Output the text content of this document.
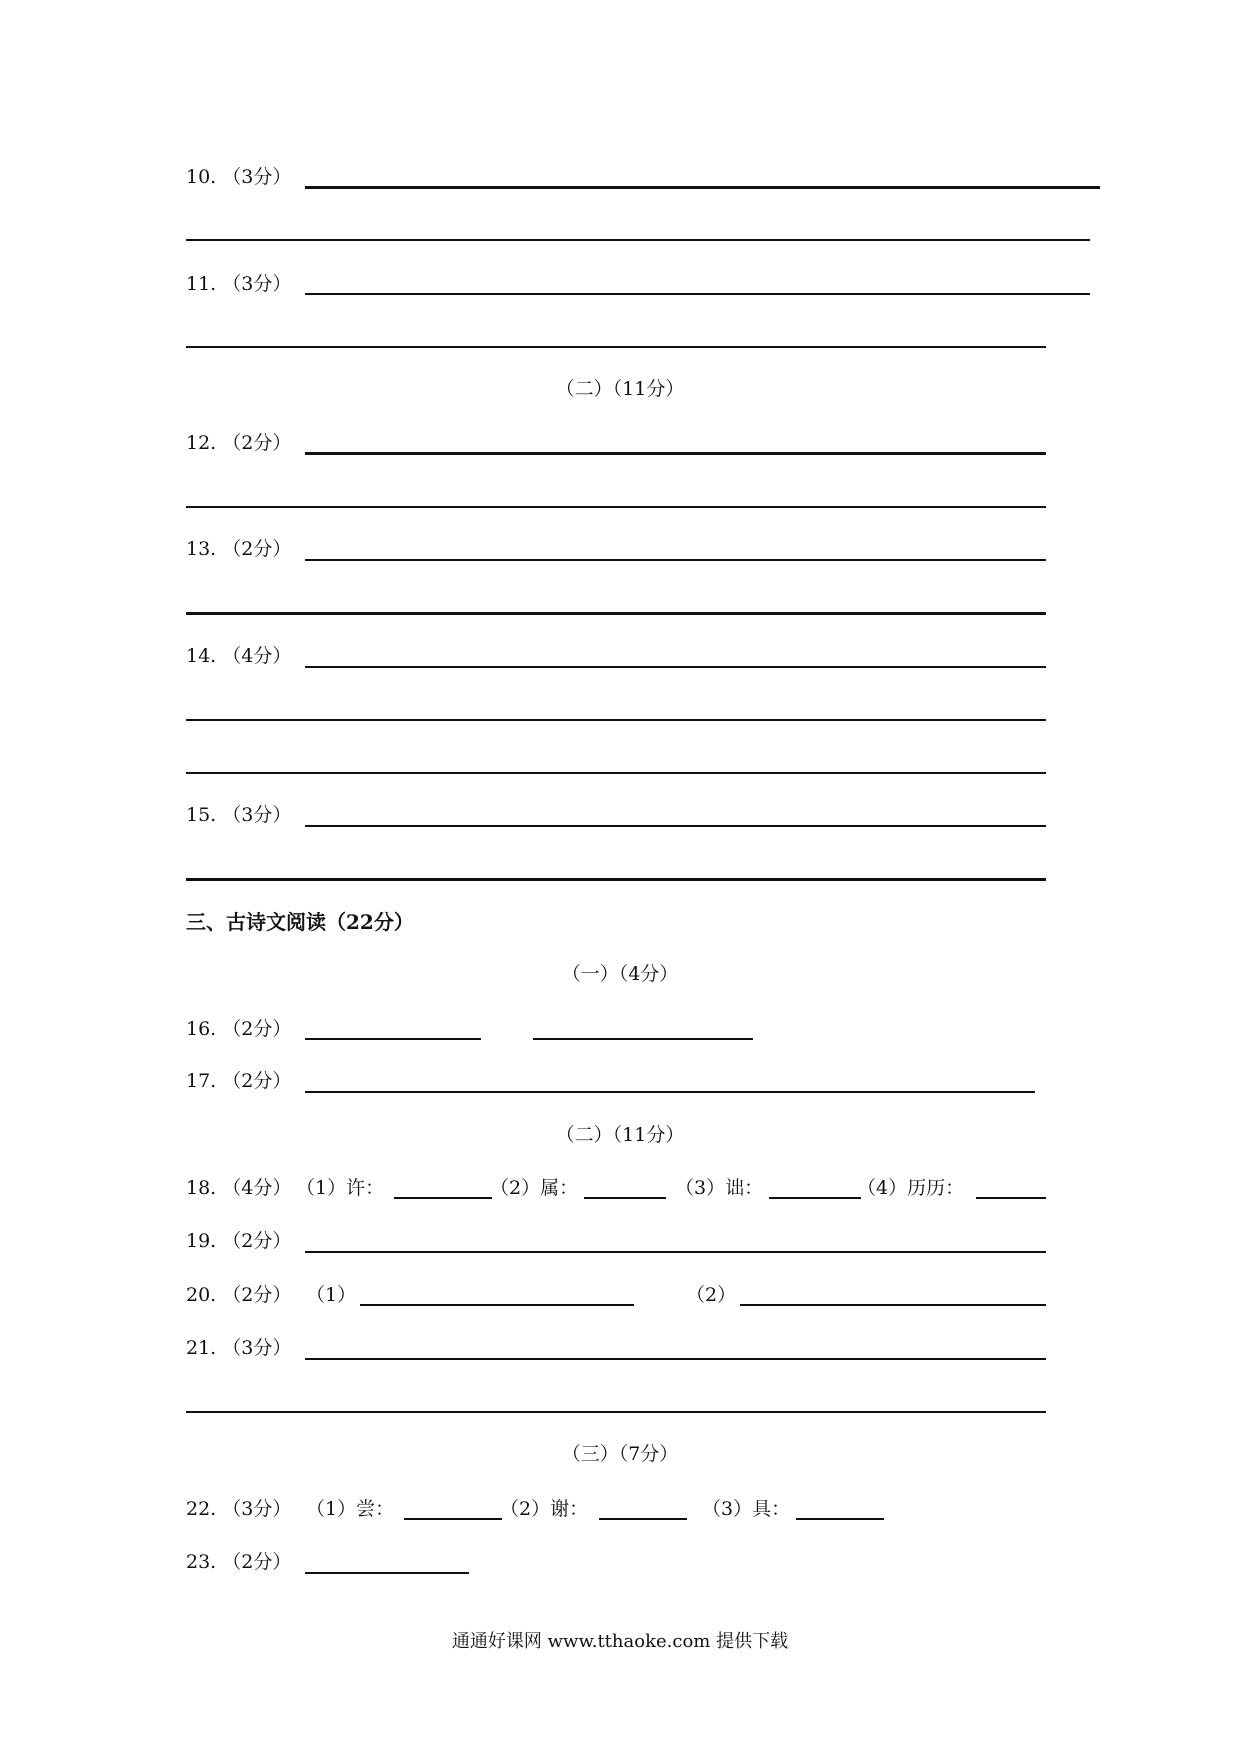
10. （3分）
11. （3分）
（二）（11分）
12. （2分）
13. （2分）
14. （4分）
15. （3分）
三、古诗文阅读（22分）
（一）（4分）
16. （2分）
17. （2分）
（二）（11分）
18. （4分） （1）许：	（2）属：	（3）诎：	（4）历历：
19. （2分）
20. （2分） （1）	（2）
21. （3分）
（三）（7分）
22. （3分） （1）尝：	（2）谢：	（3）具：
23. （2分）
通通好课网 www.tthaoke.com 提供下载
